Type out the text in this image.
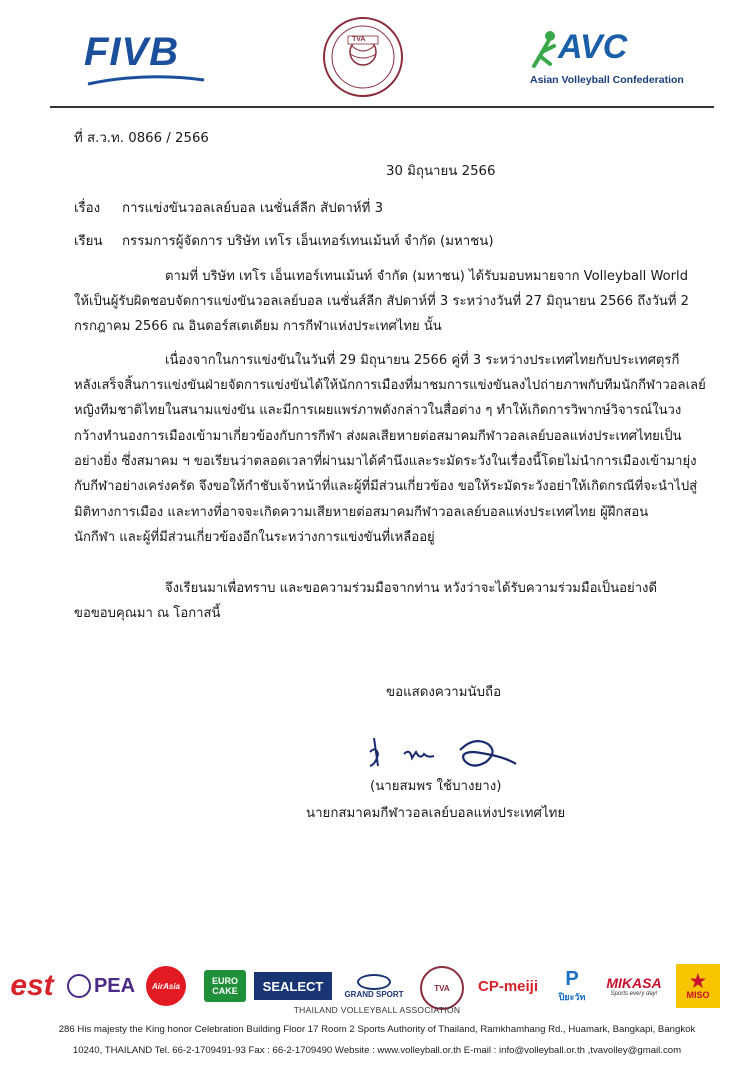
FIVB	TVA	AVC
Asian Volleyball Confederation
ที่ ส.ว.ท. 0866 / 2566
30 มิถุนายน 2566
เรื่อง การแข่งขันวอลเลย์บอล เนชั่นส์ลีก สัปดาห์ที่ 3
เรียน กรรมการผู้จัดการ บริษัท เทโร เอ็นเทอร์เทนเม้นท์ จำกัด (มหาชน)
ตามที่ บริษัท เทโร เอ็นเทอร์เทนเม้นท์ จำกัด (มหาชน) ได้รับมอบหมายจาก Volleyball World
ให้เป็นผู้รับผิดชอบจัดการแข่งขันวอลเลย์บอล เนชั่นส์ลีก สัปดาห์ที่ 3 ระหว่างวันที่ 27 มิถุนายน 2566 ถึงวันที่ 2
กรกฎาคม 2566 ณ อินดอร์สเตเดียม การกีฬาแห่งประเทศไทย นั้น
เนื่องจากในการแข่งขันในวันที่ 29 มิถุนายน 2566 คู่ที่ 3 ระหว่างประเทศไทยกับประเทศตุรกี
หลังเสร็จสิ้นการแข่งขันฝ่ายจัดการแข่งขันได้ให้นักการเมืองที่มาชมการแข่งขันลงไปถ่ายภาพกับทีมนักกีฬาวอลเลย์
หญิงทีมชาติไทยในสนามแข่งขัน และมีการเผยแพร่ภาพดังกล่าวในสื่อต่าง ๆ ทำให้เกิดการวิพากษ์วิจารณ์ในวง
กว้างทำนองการเมืองเข้ามาเกี่ยวข้องกับการกีฬา ส่งผลเสียหายต่อสมาคมกีฬาวอลเลย์บอลแห่งประเทศไทยเป็น
อย่างยิ่ง ซึ่งสมาคม ฯ ขอเรียนว่าตลอดเวลาที่ผ่านมาได้คำนึงและระมัดระวังในเรื่องนี้โดยไม่นำการเมืองเข้ามายุ่ง
กับกีฬาอย่างเคร่งครัด จึงขอให้กำชับเจ้าหน้าที่และผู้ที่มีส่วนเกี่ยวข้อง ขอให้ระมัดระวังอย่าให้เกิดกรณีที่จะนำไปสู่
มิติทางการเมือง และทางที่อาจจะเกิดความเสียหายต่อสมาคมกีฬาวอลเลย์บอลแห่งประเทศไทย ผู้ฝึกสอน
นักกีฬา และผู้ที่มีส่วนเกี่ยวข้องอีกในระหว่างการแข่งขันที่เหลืออยู่
จึงเรียนมาเพื่อทราบ และขอความร่วมมือจากท่าน หวังว่าจะได้รับความร่วมมือเป็นอย่างดี
ขอขอบคุณมา ณ โอกาสนี้
ขอแสดงความนับถือ
(นายสมพร ใช้บางยาง)
นายกสมาคมกีฬาวอลเลย์บอลแห่งประเทศไทย
est PEA	AirAsia	EURO CAKE	SEALECT
GRAND SPORT
TVA	CP-meiji	P
ปิยะวัท
MIKASA
Sports every day!
★
MISO
THAILAND VOLLEYBALL ASSOCIATION
286 His majesty the King honor Celebration Building Floor 17 Room 2 Sports Authority of Thailand, Ramkhamhang Rd., Huamark, Bangkapi, Bangkok
10240, THAILAND Tel. 66-2-1709491-93 Fax : 66-2-1709490 Website : www.volleyball.or.th E-mail : info@volleyball.or.th ,tvavolley@gmail.com
